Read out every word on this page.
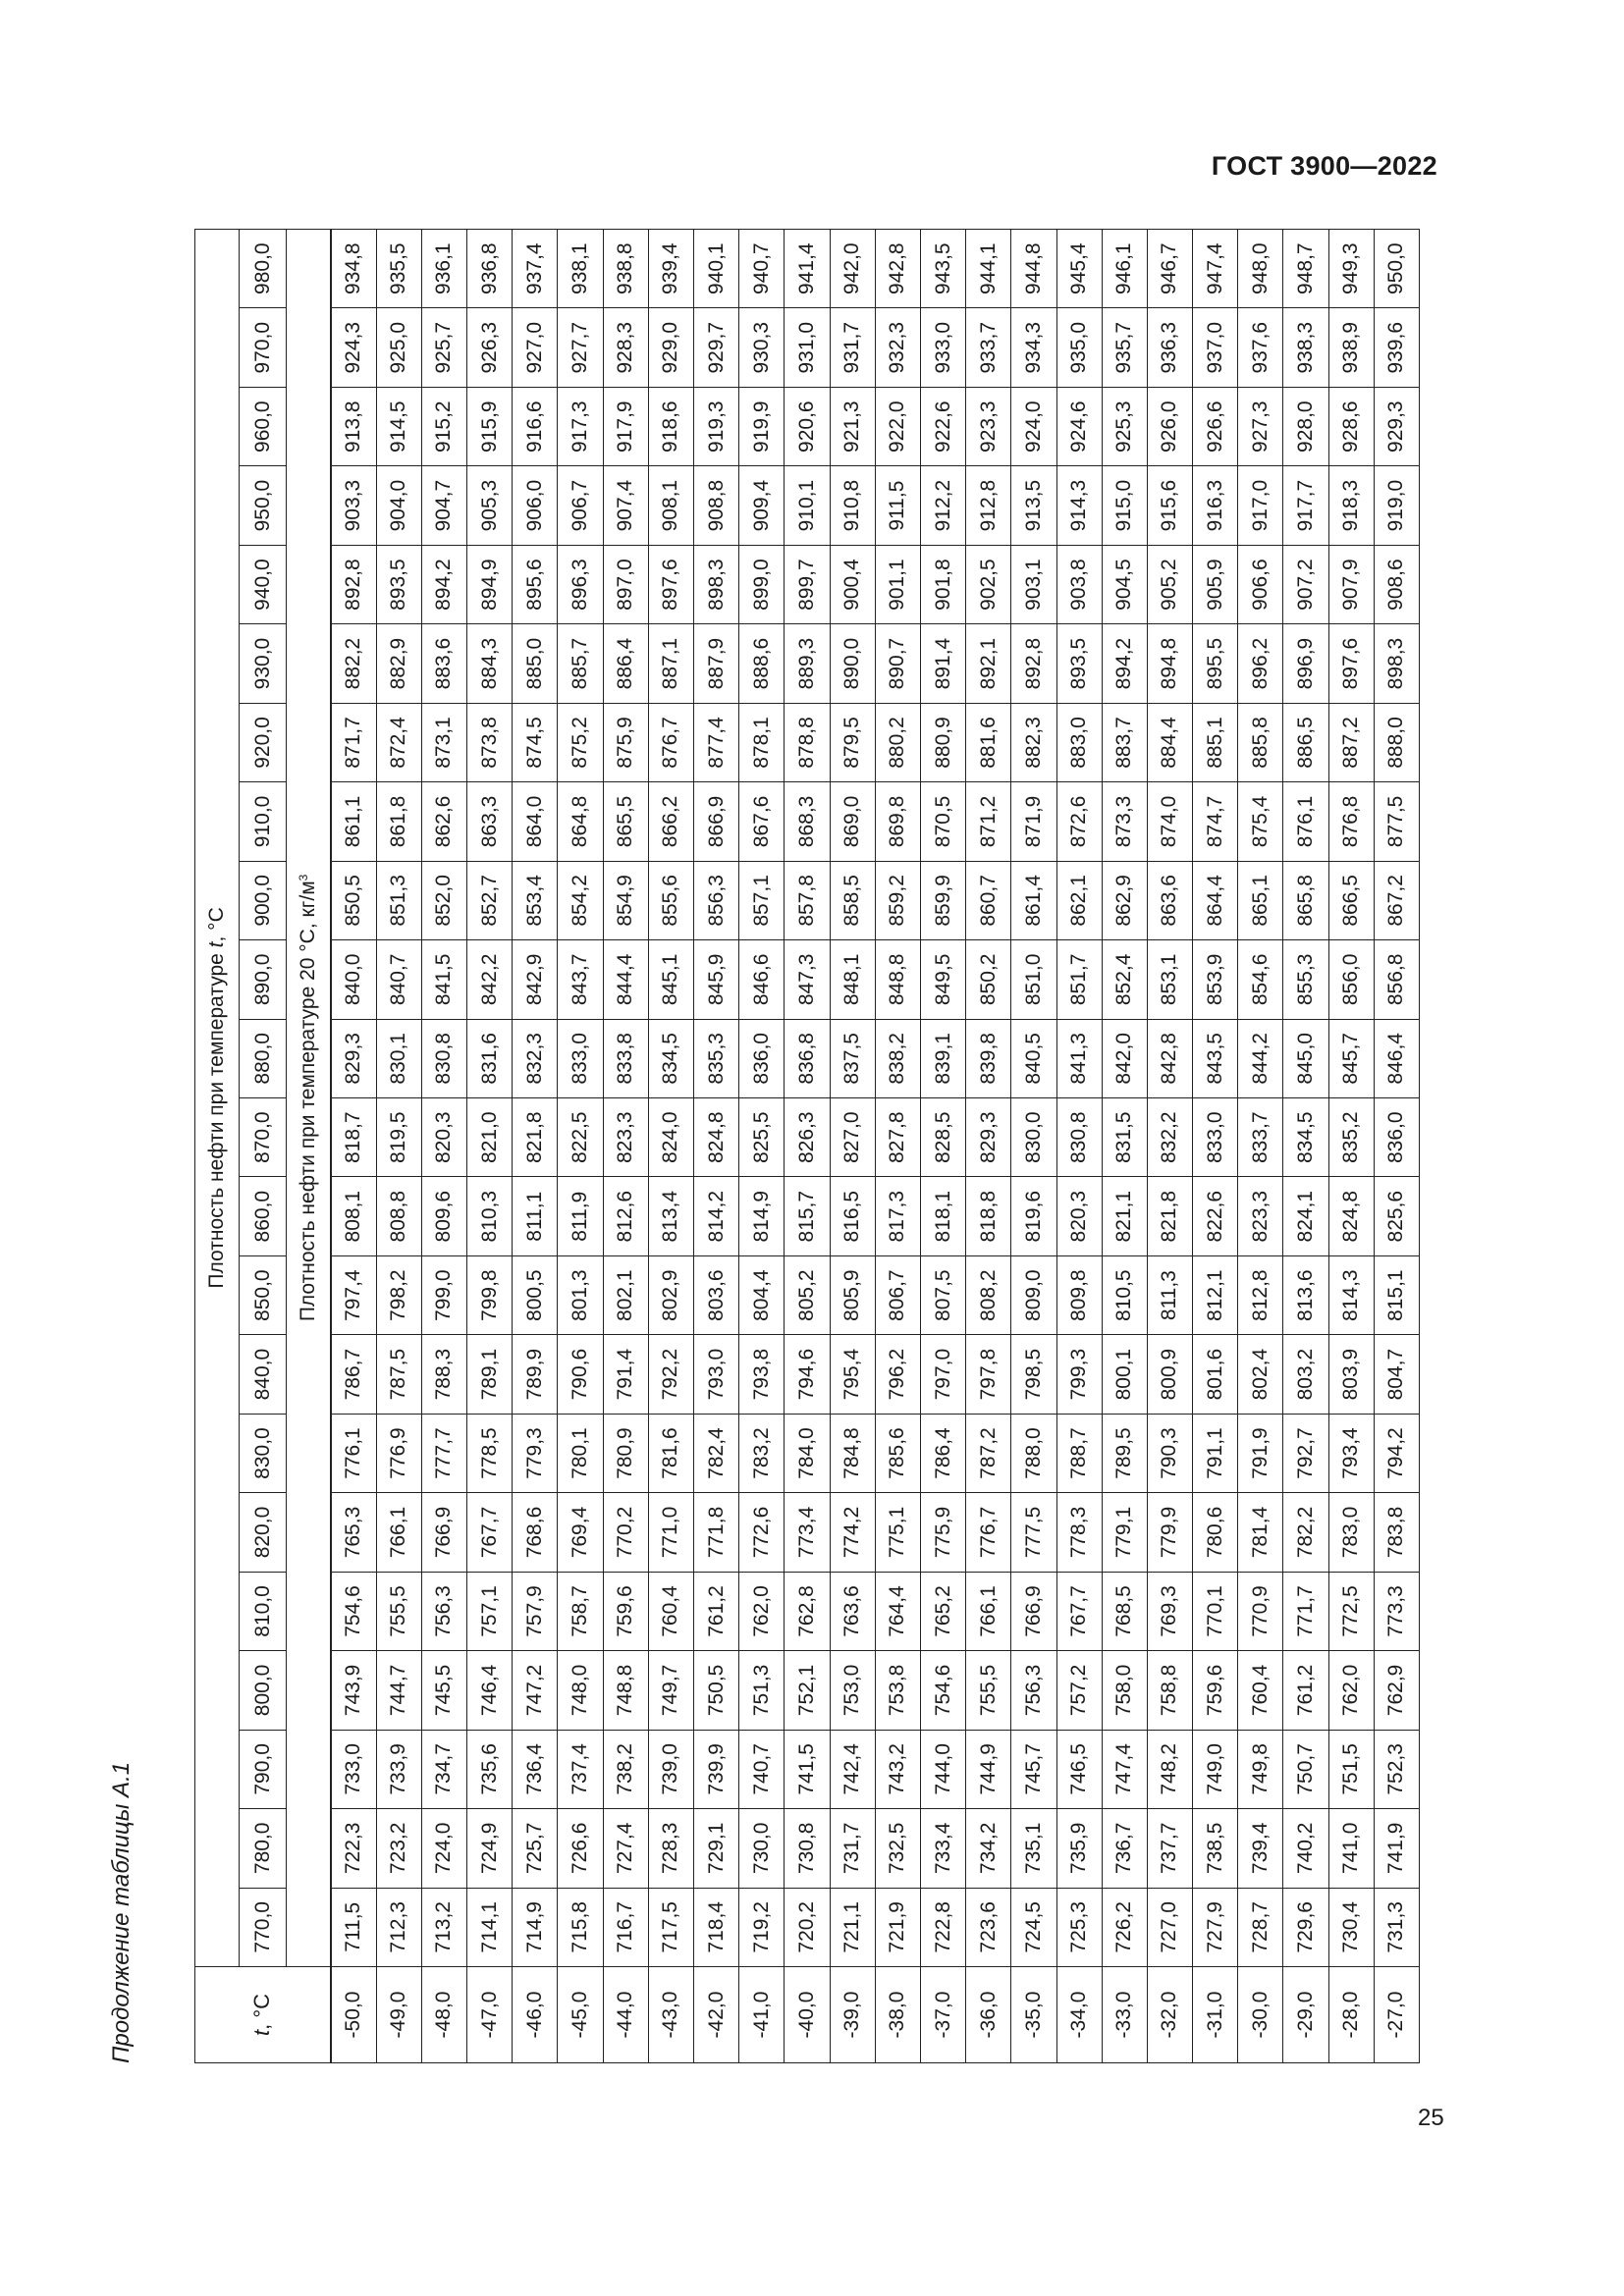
ГОСТ 3900—2022
Продолжение таблицы А.1	t, °C	Плотность нефти при температуре t, °C																					
	770,0	780,0	790,0	800,0	810,0	820,0	830,0	840,0	850,0	860,0	870,0	880,0	890,0	900,0	910,0	920,0	930,0	940,0	950,0	960,0	970,0	980,0
	Плотность нефти при температуре 20 °С, $кг/м^3$
-50,0	711,5	722,3	733,0	743,9	754,6	765,3	776,1	786,7	797,4	808,1	818,7	829,3	840,0	850,5	861,1	871,7	882,2	892,8	903,3	913,8	924,3	934,8
-49,0	712,3	723,2	733,9	744,7	755,5	766,1	776,9	787,5	798,2	808,8	819,5	830,1	840,7	851,3	861,8	872,4	882,9	893,5	904,0	914,5	925,0	935,5
-48,0	713,2	724,0	734,7	745,5	756,3	766,9	777,7	788,3	799,0	809,6	820,3	830,8	841,5	852,0	862,6	873,1	883,6	894,2	904,7	915,2	925,7	936,1
-47,0	714,1	724,9	735,6	746,4	757,1	767,7	778,5	789,1	799,8	810,3	821,0	831,6	842,2	852,7	863,3	873,8	884,3	894,9	905,3	915,9	926,3	936,8
-46,0	714,9	725,7	736,4	747,2	757,9	768,6	779,3	789,9	800,5	811,1	821,8	832,3	842,9	853,4	864,0	874,5	885,0	895,6	906,0	916,6	927,0	937,4
-45,0	715,8	726,6	737,4	748,0	758,7	769,4	780,1	790,6	801,3	811,9	822,5	833,0	843,7	854,2	864,8	875,2	885,7	896,3	906,7	917,3	927,7	938,1
-44,0	716,7	727,4	738,2	748,8	759,6	770,2	780,9	791,4	802,1	812,6	823,3	833,8	844,4	854,9	865,5	875,9	886,4	897,0	907,4	917,9	928,3	938,8
-43,0	717,5	728,3	739,0	749,7	760,4	771,0	781,6	792,2	802,9	813,4	824,0	834,5	845,1	855,6	866,2	876,7	887,1	897,6	908,1	918,6	929,0	939,4
-42,0	718,4	729,1	739,9	750,5	761,2	771,8	782,4	793,0	803,6	814,2	824,8	835,3	845,9	856,3	866,9	877,4	887,9	898,3	908,8	919,3	929,7	940,1
-41,0	719,2	730,0	740,7	751,3	762,0	772,6	783,2	793,8	804,4	814,9	825,5	836,0	846,6	857,1	867,6	878,1	888,6	899,0	909,4	919,9	930,3	940,7
-40,0	720,2	730,8	741,5	752,1	762,8	773,4	784,0	794,6	805,2	815,7	826,3	836,8	847,3	857,8	868,3	878,8	889,3	899,7	910,1	920,6	931,0	941,4
-39,0	721,1	731,7	742,4	753,0	763,6	774,2	784,8	795,4	805,9	816,5	827,0	837,5	848,1	858,5	869,0	879,5	890,0	900,4	910,8	921,3	931,7	942,0
-38,0	721,9	732,5	743,2	753,8	764,4	775,1	785,6	796,2	806,7	817,3	827,8	838,2	848,8	859,2	869,8	880,2	890,7	901,1	911,5	922,0	932,3	942,8
-37,0	722,8	733,4	744,0	754,6	765,2	775,9	786,4	797,0	807,5	818,1	828,5	839,1	849,5	859,9	870,5	880,9	891,4	901,8	912,2	922,6	933,0	943,5
-36,0	723,6	734,2	744,9	755,5	766,1	776,7	787,2	797,8	808,2	818,8	829,3	839,8	850,2	860,7	871,2	881,6	892,1	902,5	912,8	923,3	933,7	944,1
-35,0	724,5	735,1	745,7	756,3	766,9	777,5	788,0	798,5	809,0	819,6	830,0	840,5	851,0	861,4	871,9	882,3	892,8	903,1	913,5	924,0	934,3	944,8
-34,0	725,3	735,9	746,5	757,2	767,7	778,3	788,7	799,3	809,8	820,3	830,8	841,3	851,7	862,1	872,6	883,0	893,5	903,8	914,3	924,6	935,0	945,4
-33,0	726,2	736,7	747,4	758,0	768,5	779,1	789,5	800,1	810,5	821,1	831,5	842,0	852,4	862,9	873,3	883,7	894,2	904,5	915,0	925,3	935,7	946,1
-32,0	727,0	737,7	748,2	758,8	769,3	779,9	790,3	800,9	811,3	821,8	832,2	842,8	853,1	863,6	874,0	884,4	894,8	905,2	915,6	926,0	936,3	946,7
-31,0	727,9	738,5	749,0	759,6	770,1	780,6	791,1	801,6	812,1	822,6	833,0	843,5	853,9	864,4	874,7	885,1	895,5	905,9	916,3	926,6	937,0	947,4
-30,0	728,7	739,4	749,8	760,4	770,9	781,4	791,9	802,4	812,8	823,3	833,7	844,2	854,6	865,1	875,4	885,8	896,2	906,6	917,0	927,3	937,6	948,0
-29,0	729,6	740,2	750,7	761,2	771,7	782,2	792,7	803,2	813,6	824,1	834,5	845,0	855,3	865,8	876,1	886,5	896,9	907,2	917,7	928,0	938,3	948,7
-28,0	730,4	741,0	751,5	762,0	772,5	783,0	793,4	803,9	814,3	824,8	835,2	845,7	856,0	866,5	876,8	887,2	897,6	907,9	918,3	928,6	938,9	949,3
-27,0	731,3	741,9	752,3	762,9	773,3	783,8	794,2	804,7	815,1	825,6	836,0	846,4	856,8	867,2	877,5	888,0	898,3	908,6	919,0	929,3	939,6	950,0
25
